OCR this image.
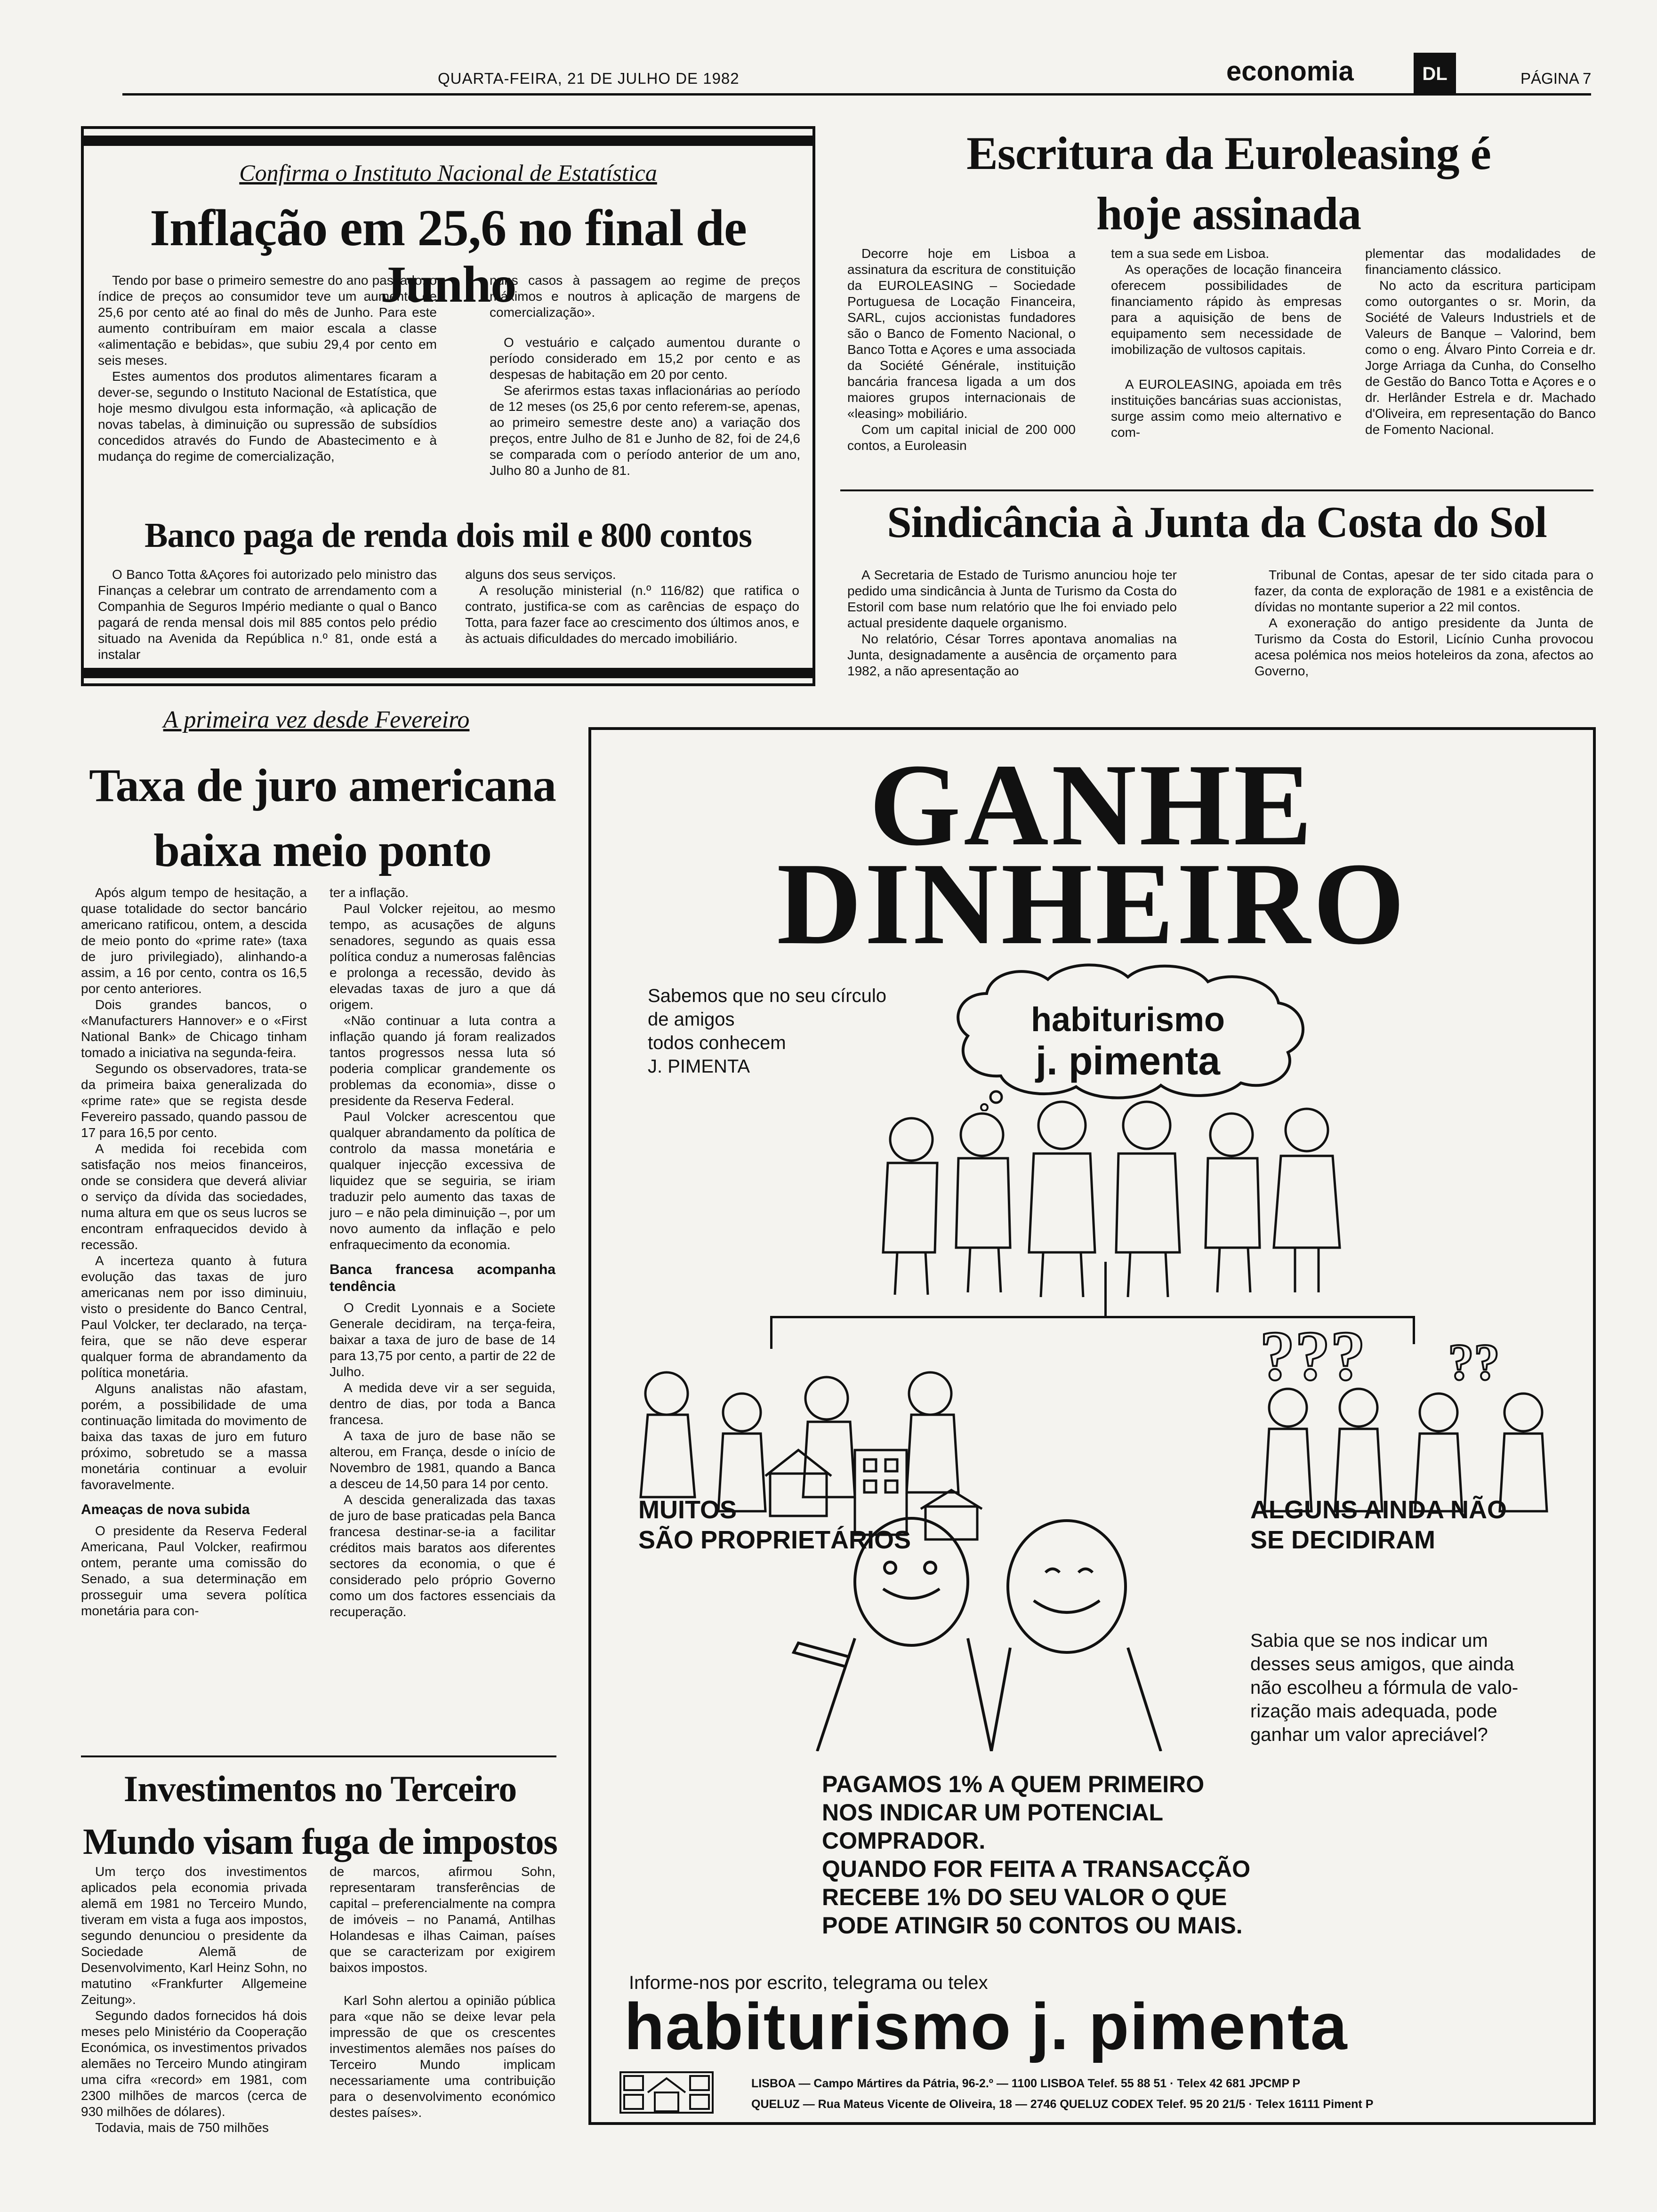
QUARTA-FEIRA, 21 DE JULHO DE 1982	economia	DL	PÁGINA 7
Confirma o Instituto Nacional de Estatística
Inflação em 25,6 no final de Junho

Tendo por base o primeiro semestre do ano passado, o índice de preços ao consumidor teve um aumento de 25,6 por cento até ao final do mês de Junho. Para este aumento contribuíram em maior escala a classe «alimentação e bebidas», que subiu 29,4 por cento em seis meses.

Estes aumentos dos produtos alimentares ficaram a dever-se, segundo o Instituto Nacional de Estatística, que hoje mesmo divulgou esta informação, «à aplicação de novas tabelas, à diminuição ou supressão de subsídios concedidos através do Fundo de Abastecimento e à mudança do regime de comercialização,

nuns casos à passagem ao regime de preços máximos e noutros à aplicação de margens de comercialização».

O vestuário e calçado aumentou durante o período considerado em 15,2 por cento e as despesas de habitação em 20 por cento.

Se aferirmos estas taxas inflacionárias ao período de 12 meses (os 25,6 por cento referem-se, apenas, ao primeiro semestre deste ano) a variação dos preços, entre Julho de 81 e Junho de 82, foi de 24,6 se comparada com o período anterior de um ano, Julho 80 a Junho de 81.

Banco paga de renda dois mil e 800 contos

O Banco Totta &Açores foi autorizado pelo ministro das Finanças a celebrar um contrato de arrendamento com a Companhia de Seguros Império mediante o qual o Banco pagará de renda mensal dois mil 885 contos pelo prédio situado na Avenida da República n.º 81, onde está a instalar

alguns dos seus serviços.

A resolução ministerial (n.º 116/82) que ratifica o contrato, justifica-se com as carências de espaço do Totta, para fazer face ao crescimento dos últimos anos, e às actuais dificuldades do mercado imobiliário.

Escritura da Euroleasing é hoje assinada

Decorre hoje em Lisboa a assinatura da escritura de constituição da EUROLEASING – Sociedade Portuguesa de Locação Financeira, SARL, cujos accionistas fundadores são o Banco de Fomento Nacional, o Banco Totta e Açores e uma associada da Société Générale, instituição bancária francesa ligada a um dos maiores grupos internacionais de «leasing» mobiliário.

Com um capital inicial de 200 000 contos, a Euroleasin

tem a sua sede em Lisboa.

As operações de locação financeira oferecem possibilidades de financiamento rápido às empresas para a aquisição de bens de equipamento sem necessidade de imobilização de vultosos capitais.

A EUROLEASING, apoiada em três instituições bancárias suas accionistas, surge assim como meio alternativo e com-

plementar das modalidades de financiamento clássico.

No acto da escritura participam como outorgantes o sr. Morin, da Société de Valeurs Industriels et de Valeurs de Banque – Valorind, bem como o eng. Álvaro Pinto Correia e dr. Jorge Arriaga da Cunha, do Conselho de Gestão do Banco Totta e Açores e o dr. Herlânder Estrela e dr. Machado d'Oliveira, em representação do Banco de Fomento Nacional.

Sindicância à Junta da Costa do Sol

A Secretaria de Estado de Turismo anunciou hoje ter pedido uma sindicância à Junta de Turismo da Costa do Estoril com base num relatório que lhe foi enviado pelo actual presidente daquele organismo.

No relatório, César Torres apontava anomalias na Junta, designadamente a ausência de orçamento para 1982, a não apresentação ao

Tribunal de Contas, apesar de ter sido citada para o fazer, da conta de exploração de 1981 e a existência de dívidas no montante superior a 22 mil contos.

A exoneração do antigo presidente da Junta de Turismo da Costa do Estoril, Licínio Cunha provocou acesa polémica nos meios hoteleiros da zona, afectos ao Governo,

A primeira vez desde Fevereiro
Taxa de juro americana baixa meio ponto

Após algum tempo de hesitação, a quase totalidade do sector bancário americano ratificou, ontem, a descida de meio ponto do «prime rate» (taxa de juro privilegiado), alinhando-a assim, a 16 por cento, contra os 16,5 por cento anteriores.

Dois grandes bancos, o «Manufacturers Hannover» e o «First National Bank» de Chicago tinham tomado a iniciativa na segunda-feira.

Segundo os observadores, trata-se da primeira baixa generalizada do «prime rate» que se regista desde Fevereiro passado, quando passou de 17 para 16,5 por cento.

A medida foi recebida com satisfação nos meios financeiros, onde se considera que deverá aliviar o serviço da dívida das sociedades, numa altura em que os seus lucros se encontram enfraquecidos devido à recessão.

A incerteza quanto à futura evolução das taxas de juro americanas nem por isso diminuiu, visto o presidente do Banco Central, Paul Volcker, ter declarado, na terça-feira, que se não deve esperar qualquer forma de abrandamento da política monetária.

Alguns analistas não afastam, porém, a possibilidade de uma continuação limitada do movimento de baixa das taxas de juro em futuro próximo, sobretudo se a massa monetária continuar a evoluir favoravelmente.

Ameaças de nova subida

O presidente da Reserva Federal Americana, Paul Volcker, reafirmou ontem, perante uma comissão do Senado, a sua determinação em prosseguir uma severa política monetária para con-

ter a inflação.

Paul Volcker rejeitou, ao mesmo tempo, as acusações de alguns senadores, segundo as quais essa política conduz a numerosas falências e prolonga a recessão, devido às elevadas taxas de juro a que dá origem.

«Não continuar a luta contra a inflação quando já foram realizados tantos progressos nessa luta só poderia complicar grandemente os problemas da economia», disse o presidente da Reserva Federal.

Paul Volcker acrescentou que qualquer abrandamento da política de controlo da massa monetária e qualquer injecção excessiva de liquidez que se seguiria, se iriam traduzir pelo aumento das taxas de juro – e não pela diminuição –, por um novo aumento da inflação e pelo enfraquecimento da economia.

Banca francesa acompanha tendência

O Credit Lyonnais e a Societe Generale decidiram, na terça-feira, baixar a taxa de juro de base de 14 para 13,75 por cento, a partir de 22 de Julho.

A medida deve vir a ser seguida, dentro de dias, por toda a Banca francesa.

A taxa de juro de base não se alterou, em França, desde o início de Novembro de 1981, quando a Banca a desceu de 14,50 para 14 por cento.

A descida generalizada das taxas de juro de base praticadas pela Banca francesa destinar-se-ia a facilitar créditos mais baratos aos diferentes sectores da economia, o que é considerado pelo próprio Governo como um dos factores essenciais da recuperação.

Investimentos no Terceiro Mundo visam fuga de impostos

Um terço dos investimentos aplicados pela economia privada alemã em 1981 no Terceiro Mundo, tiveram em vista a fuga aos impostos, segundo denunciou o presidente da Sociedade Alemã de Desenvolvimento, Karl Heinz Sohn, no matutino «Frankfurter Allgemeine Zeitung».

Segundo dados fornecidos há dois meses pelo Ministério da Cooperação Económica, os investimentos privados alemães no Terceiro Mundo atingiram uma cifra «record» em 1981, com 2300 milhões de marcos (cerca de 930 milhões de dólares).

Todavia, mais de 750 milhões

de marcos, afirmou Sohn, representaram transferências de capital – preferencialmente na compra de imóveis – no Panamá, Antilhas Holandesas e ilhas Caiman, países que se caracterizam por exigirem baixos impostos.

Karl Sohn alertou a opinião pública para «que não se deixe levar pela impressão de que os crescentes investimentos alemães nos países do Terceiro Mundo implicam necessariamente uma contribuição para o desenvolvimento económico destes países».

GANHE
DINHEIRO
Sabemos que no seu círculo
de amigos
todos conhecem
J. PIMENTA
habiturismo
j. pimenta
??? ??
MUITOS
SÃO PROPRIETÁRIOS
ALGUNS AINDA NÃO
SE DECIDIRAM
Sabia que se nos indicar um
desses seus amigos, que ainda
não escolheu a fórmula de valo-
rização mais adequada, pode
ganhar um valor apreciável?
PAGAMOS 1% A QUEM PRIMEIRO
NOS INDICAR UM POTENCIAL
COMPRADOR.
QUANDO FOR FEITA A TRANSACÇÃO
RECEBE 1% DO SEU VALOR O QUE
PODE ATINGIR 50 CONTOS OU MAIS.
Informe-nos por escrito, telegrama ou telex
habiturismo j. pimenta
LISBOA — Campo Mártires da Pátria, 96-2.º — 1100 LISBOA Telef. 55 88 51 · Telex 42 681 JPCMP P
QUELUZ — Rua Mateus Vicente de Oliveira, 18 — 2746 QUELUZ CODEX Telef. 95 20 21/5 · Telex 16111 Piment P
